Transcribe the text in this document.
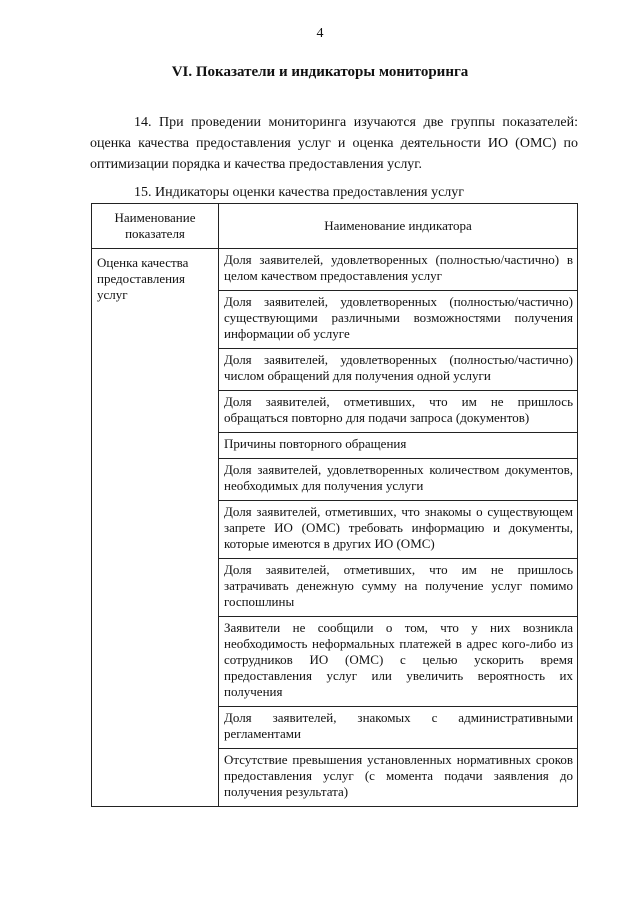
4
VI. Показатели и индикаторы мониторинга

14. При проведении мониторинга изучаются две группы показателей: оценка качества предоставления услуг и оценка деятельности ИО (ОМС) по оптимизации порядка и качества предоставления услуг.

15. Индикаторы оценки качества предоставления услуг

Наименование показателя	Наименование индикатора
Оценка качества предоставления услуг	Доля заявителей, удовлетворенных (полностью/частично) в целом качеством предоставления услуг
	Доля заявителей, удовлетворенных (полностью/частично) существующими различными возможностями получения информации об услуге
	Доля заявителей, удовлетворенных (полностью/частично) числом обращений для получения одной услуги
	Доля заявителей, отметивших, что им не пришлось обращаться повторно для подачи запроса (документов)
	Причины повторного обращения
	Доля заявителей, удовлетворенных количеством документов, необходимых для получения услуги
	Доля заявителей, отметивших, что знакомы о существующем запрете ИО (ОМС) требовать информацию и документы, которые имеются в других ИО (ОМС)
	Доля заявителей, отметивших, что им не пришлось затрачивать денежную сумму на получение услуг помимо госпошлины
	Заявители не сообщили о том, что у них возникла необходимость неформальных платежей в адрес кого-либо из сотрудников ИО (ОМС) с целью ускорить время предоставления услуг или увеличить вероятность их получения
	Доля заявителей, знакомых с административными регламентами
	Отсутствие превышения установленных нормативных сроков предоставления услуг (с момента подачи заявления до получения результата)
